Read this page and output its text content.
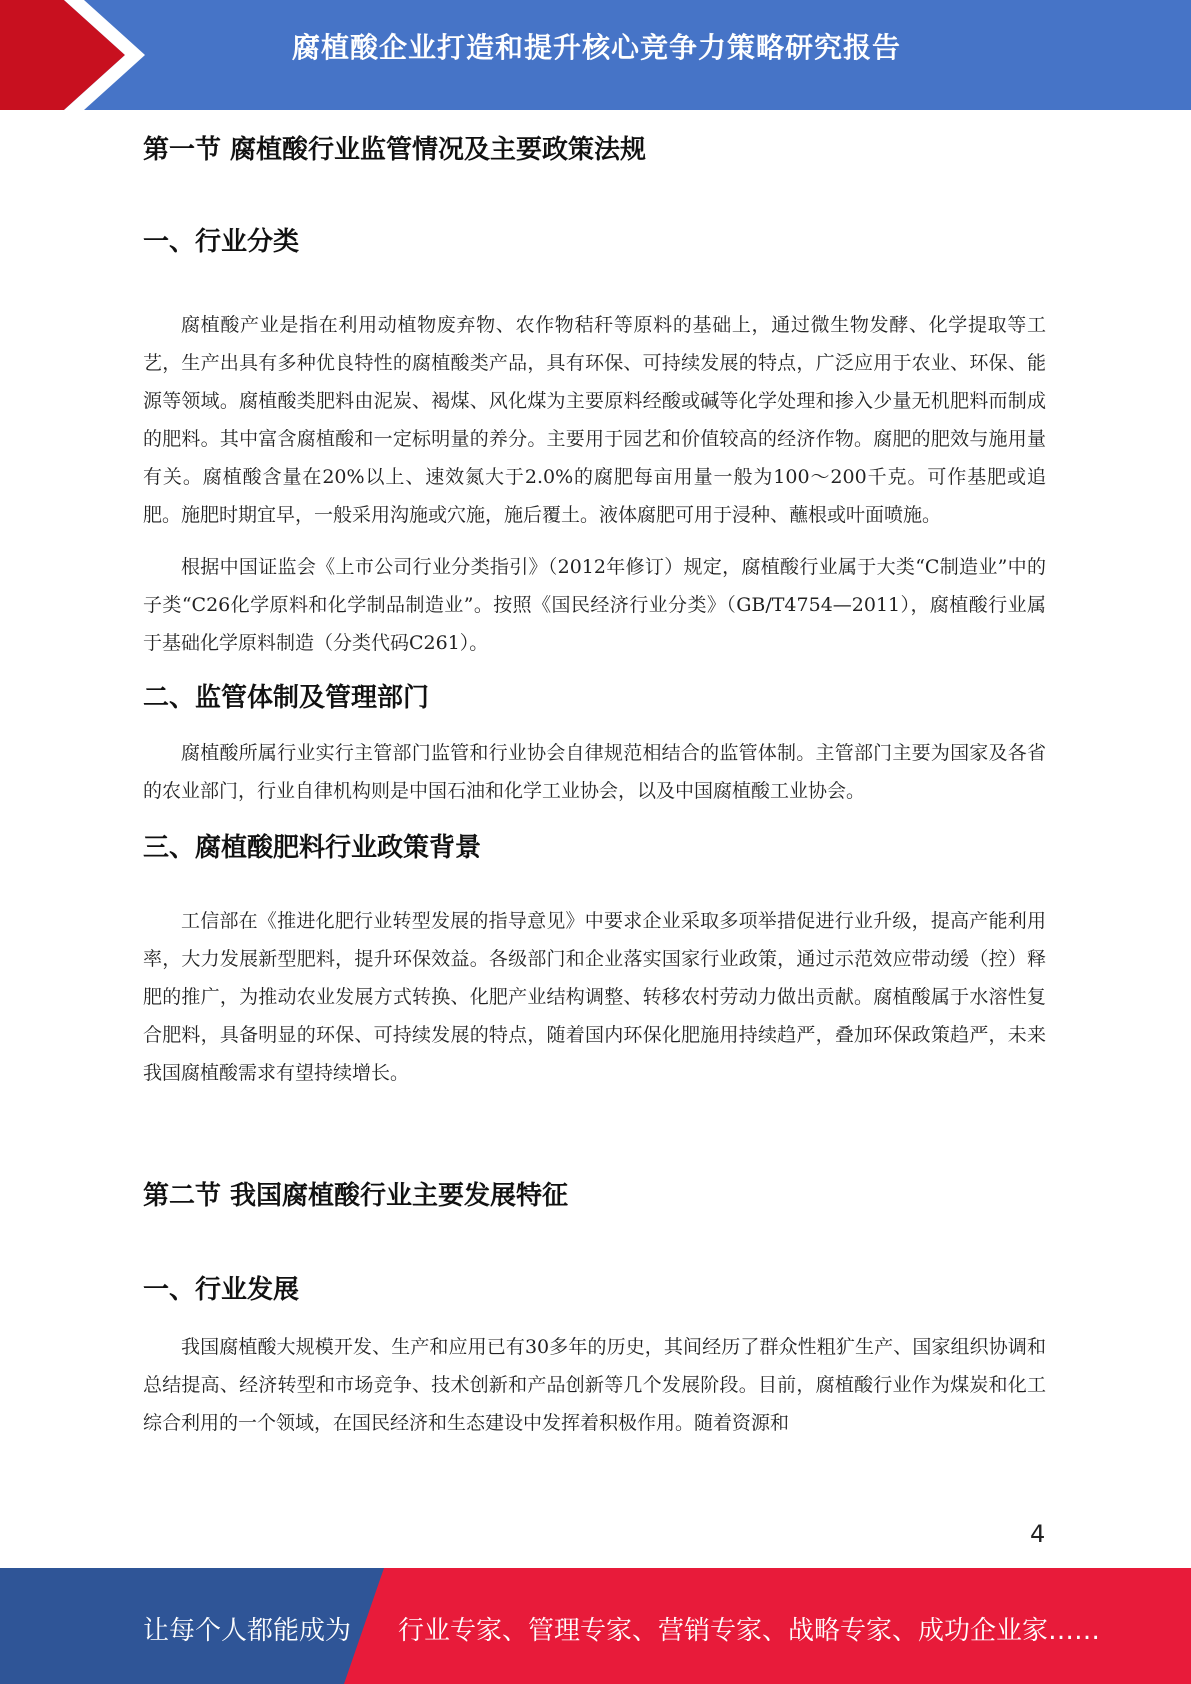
腐植酸企业打造和提升核心竞争力策略研究报告
第一节 腐植酸行业监管情况及主要政策法规
一、行业分类

腐植酸产业是指在利用动植物废弃物、农作物秸秆等原料的基础上，通过微生物发酵、化学提取等工艺，生产出具有多种优良特性的腐植酸类产品，具有环保、可持续发展的特点，广泛应用于农业、环保、能源等领域。腐植酸类肥料由泥炭、褐煤、风化煤为主要原料经酸或碱等化学处理和掺入少量无机肥料而制成的肥料。其中富含腐植酸和一定标明量的养分。主要用于园艺和价值较高的经济作物。腐肥的肥效与施用量有关。腐植酸含量在20%以上、速效氮大于2.0%的腐肥每亩用量一般为100～200千克。可作基肥或追肥。施肥时期宜早，一般采用沟施或穴施，施后覆土。液体腐肥可用于浸种、蘸根或叶面喷施。

根据中国证监会《上市公司行业分类指引》（2012年修订）规定，腐植酸行业属于大类“C制造业”中的子类“C26化学原料和化学制品制造业”。按照《国民经济行业分类》（GB/T4754—2011），腐植酸行业属于基础化学原料制造（分类代码C261）。

二、监管体制及管理部门

腐植酸所属行业实行主管部门监管和行业协会自律规范相结合的监管体制。主管部门主要为国家及各省的农业部门，行业自律机构则是中国石油和化学工业协会，以及中国腐植酸工业协会。

三、腐植酸肥料行业政策背景

工信部在《推进化肥行业转型发展的指导意见》中要求企业采取多项举措促进行业升级，提高产能利用率，大力发展新型肥料，提升环保效益。各级部门和企业落实国家行业政策，通过示范效应带动缓（控）释肥的推广，为推动农业发展方式转换、化肥产业结构调整、转移农村劳动力做出贡献。腐植酸属于水溶性复合肥料，具备明显的环保、可持续发展的特点，随着国内环保化肥施用持续趋严，叠加环保政策趋严，未来我国腐植酸需求有望持续增长。

第二节 我国腐植酸行业主要发展特征
一、行业发展

我国腐植酸大规模开发、生产和应用已有30多年的历史，其间经历了群众性粗犷生产、国家组织协调和总结提高、经济转型和市场竞争、技术创新和产品创新等几个发展阶段。目前，腐植酸行业作为煤炭和化工综合利用的一个领域，在国民经济和生态建设中发挥着积极作用。随着资源和

4
让每个人都能成为 行业专家、管理专家、营销专家、战略专家、成功企业家……
